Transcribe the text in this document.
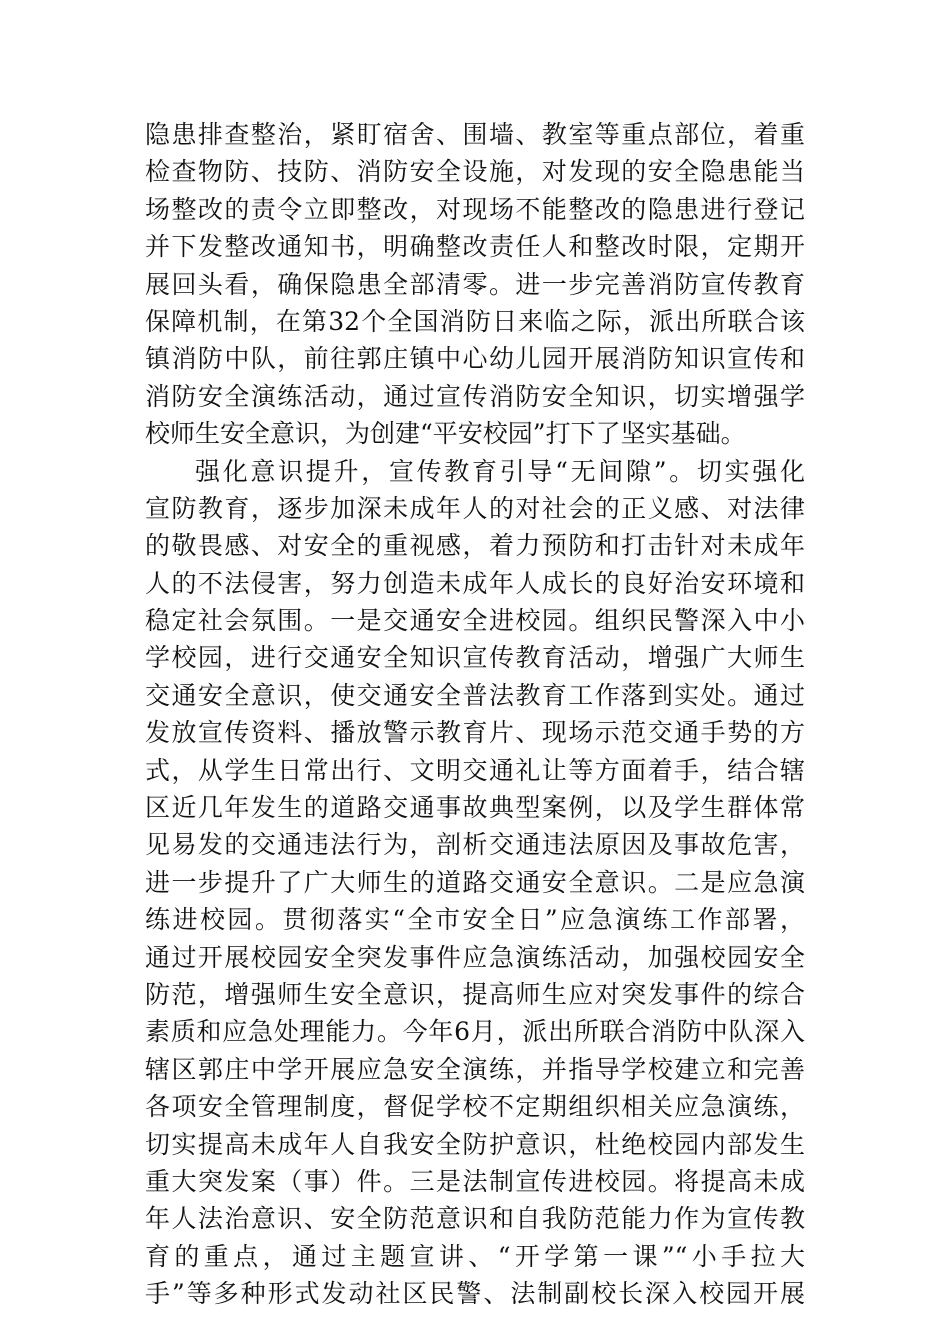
隐患排查整治，紧盯宿舍、围墙、教室等重点部位，着重
检查物防、技防、消防安全设施，对发现的安全隐患能当
场整改的责令立即整改，对现场不能整改的隐患进行登记
并下发整改通知书，明确整改责任人和整改时限，定期开
展回头看，确保隐患全部清零。进一步完善消防宣传教育
保障机制，在第32个全国消防日来临之际，派出所联合该
镇消防中队，前往郭庄镇中心幼儿园开展消防知识宣传和
消防安全演练活动，通过宣传消防安全知识，切实增强学
校师生安全意识，为创建“平安校园”打下了坚实基础。
强化意识提升，宣传教育引导“无间隙”。切实强化
宣防教育，逐步加深未成年人的对社会的正义感、对法律
的敬畏感、对安全的重视感，着力预防和打击针对未成年
人的不法侵害，努力创造未成年人成长的良好治安环境和
稳定社会氛围。一是交通安全进校园。组织民警深入中小
学校园，进行交通安全知识宣传教育活动，增强广大师生
交通安全意识，使交通安全普法教育工作落到实处。通过
发放宣传资料、播放警示教育片、现场示范交通手势的方
式，从学生日常出行、文明交通礼让等方面着手，结合辖
区近几年发生的道路交通事故典型案例，以及学生群体常
见易发的交通违法行为，剖析交通违法原因及事故危害，
进一步提升了广大师生的道路交通安全意识。二是应急演
练进校园。贯彻落实“全市安全日”应急演练工作部署，
通过开展校园安全突发事件应急演练活动，加强校园安全
防范，增强师生安全意识，提高师生应对突发事件的综合
素质和应急处理能力。今年6月，派出所联合消防中队深入
辖区郭庄中学开展应急安全演练，并指导学校建立和完善
各项安全管理制度，督促学校不定期组织相关应急演练，
切实提高未成年人自我安全防护意识，杜绝校园内部发生
重大突发案（事）件。三是法制宣传进校园。将提高未成
年人法治意识、安全防范意识和自我防范能力作为宣传教
育的重点，通过主题宣讲、“开学第一课”“小手拉大
手”等多种形式发动社区民警、法制副校长深入校园开展
